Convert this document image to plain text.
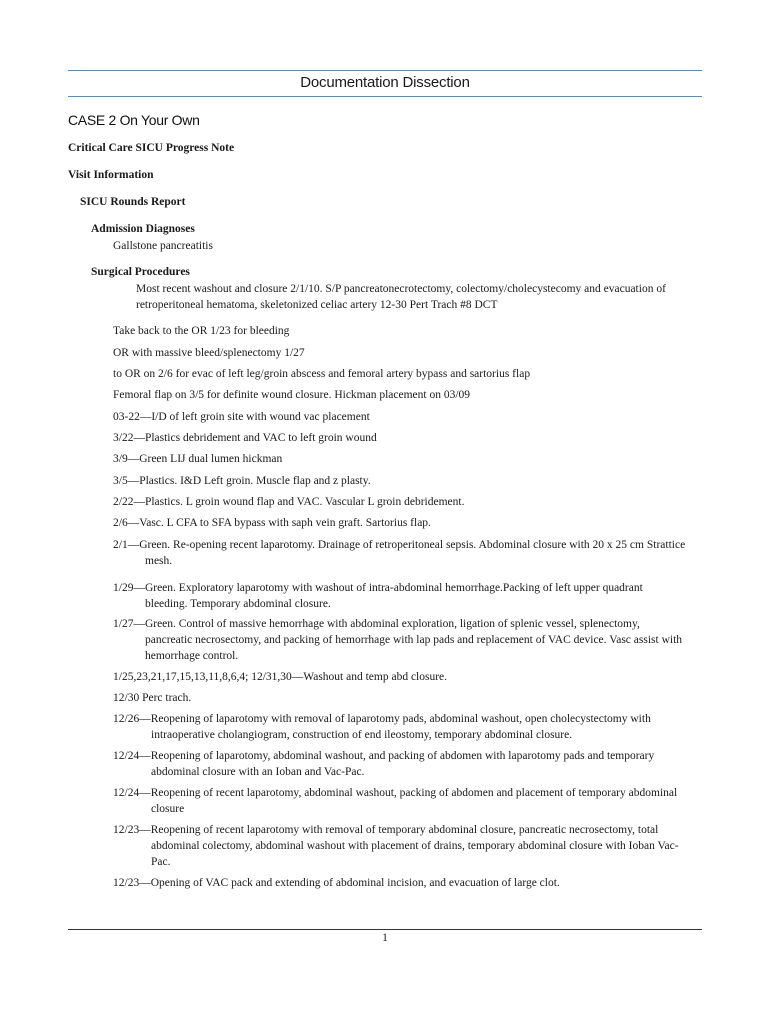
Documentation Dissection
CASE 2 On Your Own
Critical Care SICU Progress Note
Visit Information
SICU Rounds Report
Admission Diagnoses
Gallstone pancreatitis
Surgical Procedures
Most recent washout and closure 2/1/10. S/P pancreatonecrotectomy, colectomy/cholecystecomy and evacuation of retroperitoneal hematoma, skeletonized celiac artery 12-30 Pert Trach #8 DCT
Take back to the OR 1/23 for bleeding
OR with massive bleed/splenectomy 1/27
to OR on 2/6 for evac of left leg/groin abscess and femoral artery bypass and sartorius flap
Femoral flap on 3/5 for definite wound closure. Hickman placement on 03/09
03-22—I/D of left groin site with wound vac placement
3/22—Plastics debridement and VAC to left groin wound
3/9—Green LIJ dual lumen hickman
3/5—Plastics. I&D Left groin. Muscle flap and z plasty.
2/22—Plastics. L groin wound flap and VAC. Vascular L groin debridement.
2/6—Vasc. L CFA to SFA bypass with saph vein graft. Sartorius flap.
2/1—Green. Re-opening recent laparotomy. Drainage of retroperitoneal sepsis. Abdominal closure with 20 x 25 cm Strattice mesh.
1/29—Green. Exploratory laparotomy with washout of intra-abdominal hemorrhage.Packing of left upper quadrant bleeding. Temporary abdominal closure.
1/27—Green. Control of massive hemorrhage with abdominal exploration, ligation of splenic vessel, splenectomy, pancreatic necrosectomy, and packing of hemorrhage with lap pads and replacement of VAC device. Vasc assist with hemorrhage control.
1/25,23,21,17,15,13,11,8,6,4; 12/31,30—Washout and temp abd closure.
12/30 Perc trach.
12/26—Reopening of laparotomy with removal of laparotomy pads, abdominal washout, open cholecystectomy with intraoperative cholangiogram, construction of end ileostomy, temporary abdominal closure.
12/24—Reopening of laparotomy, abdominal washout, and packing of abdomen with laparotomy pads and temporary abdominal closure with an Ioban and Vac-Pac.
12/24—Reopening of recent laparotomy, abdominal washout, packing of abdomen and placement of temporary abdominal closure
12/23—Reopening of recent laparotomy with removal of temporary abdominal closure, pancreatic necrosectomy, total abdominal colectomy, abdominal washout with placement of drains, temporary abdominal closure with Ioban Vac-Pac.
12/23—Opening of VAC pack and extending of abdominal incision, and evacuation of large clot.
1
